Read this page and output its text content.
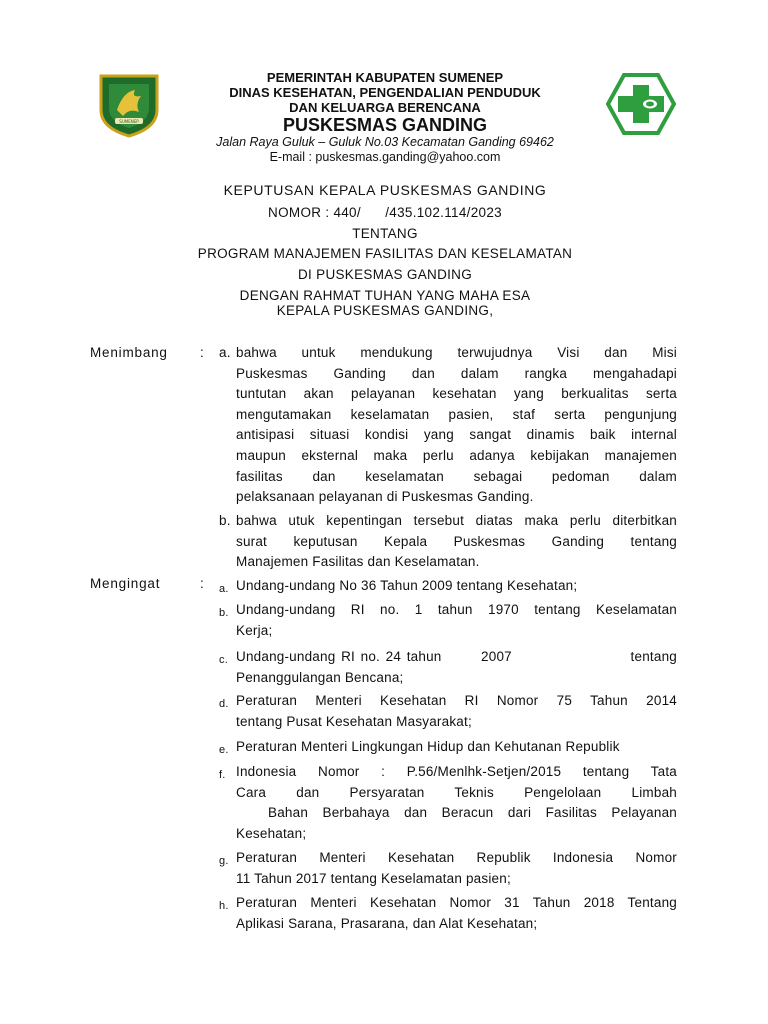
SUMENEP
PEMERINTAH KABUPATEN SUMENEP
DINAS KESEHATAN, PENGENDALIAN PENDUDUK
DAN KELUARGA BERENCANA
PUSKESMAS GANDING
Jalan Raya Guluk – Guluk No.03 Kecamatan Ganding 69462
E-mail : puskesmas.ganding@yahoo.com
KEPUTUSAN KEPALA PUSKESMAS GANDING
NOMOR : 440/      /435.102.114/2023
TENTANG
PROGRAM MANAJEMEN FASILITAS DAN KESELAMATAN
DI PUSKESMAS GANDING
DENGAN RAHMAT TUHAN YANG MAHA ESA
KEPALA PUSKESMAS GANDING,
Menimbang : a. bahwa untuk mendukung terwujudnya Visi dan Misi
Puskesmas Ganding dan dalam rangka mengahadapi
tuntutan akan pelayanan kesehatan yang berkualitas serta
mengutamakan keselamatan pasien, staf serta pengunjung
antisipasi situasi kondisi yang sangat dinamis baik internal
maupun eksternal maka perlu adanya kebijakan manajemen
fasilitas dan keselamatan sebagai pedoman dalam
pelaksanaan pelayanan di Puskesmas Ganding.
b. bahwa utuk kepentingan tersebut diatas maka perlu diterbitkan
surat keputusan Kepala Puskesmas Ganding tentang
Manajemen Fasilitas dan Keselamatan.
Mengingat	: a. Undang-undang No 36 Tahun 2009 tentang Kesehatan;
b. Undang-undang RI no. 1 tahun 1970 tentang Keselamatan
Kerja;
c. Undang-undang RI no. 24 tahun       2007                     tentang
Penanggulangan Bencana;
d. Peraturan Menteri Kesehatan RI Nomor 75 Tahun 2014
tentang Pusat Kesehatan Masyarakat;
e. Peraturan Menteri Lingkungan Hidup dan Kehutanan Republik
f. Indonesia Nomor : P.56/Menlhk-Setjen/2015 tentang Tata
Cara dan Persyaratan Teknis Pengelolaan Limbah
Bahan Berbahaya dan Beracun dari Fasilitas Pelayanan
Kesehatan;
g. Peraturan Menteri Kesehatan Republik Indonesia Nomor
11 Tahun 2017 tentang Keselamatan pasien;
h. Peraturan Menteri Kesehatan Nomor 31 Tahun 2018 Tentang
Aplikasi Sarana, Prasarana, dan Alat Kesehatan;
